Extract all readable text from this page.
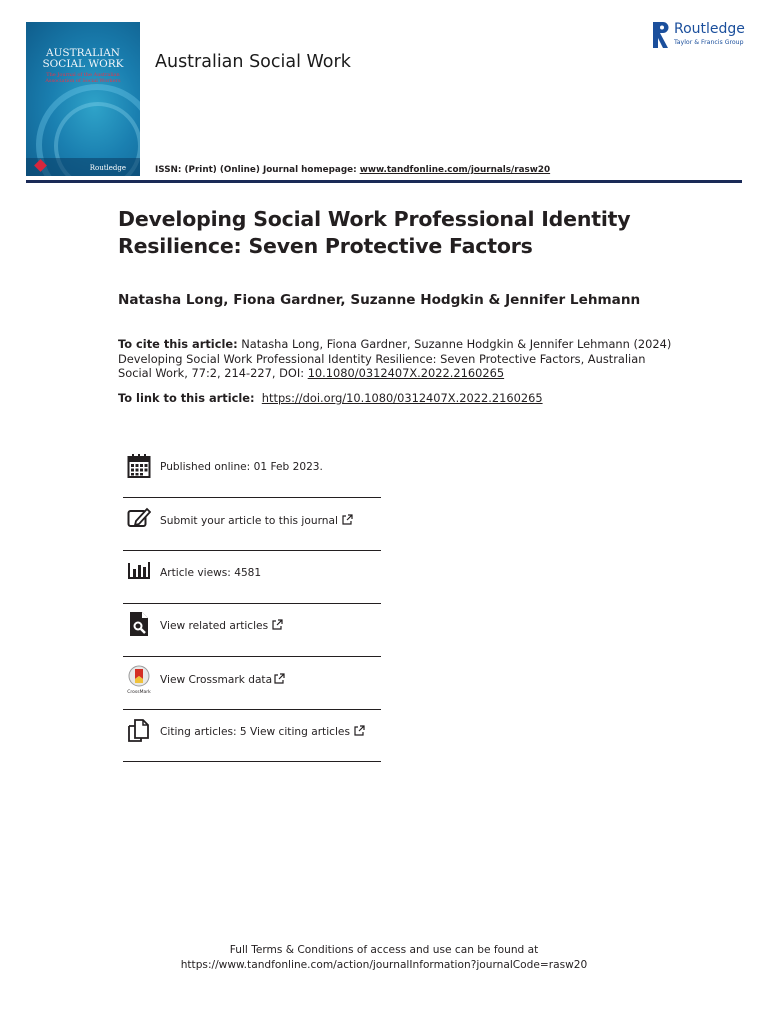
AUSTRALIAN
SOCIAL WORK
The Journal of the Australian Association of Social Workers
Routledge
Australian Social Work
ISSN: (Print) (Online) Journal homepage: www.tandfonline.com/journals/rasw20
Routledge
Taylor & Francis Group
Developing Social Work Professional Identity
Resilience: Seven Protective Factors
Natasha Long, Fiona Gardner, Suzanne Hodgkin & Jennifer Lehmann
To cite this article: Natasha Long, Fiona Gardner, Suzanne Hodgkin & Jennifer Lehmann (2024)
Developing Social Work Professional Identity Resilience: Seven Protective Factors, Australian
Social Work, 77:2, 214-227, DOI: 10.1080/0312407X.2022.2160265
To link to this article: https://doi.org/10.1080/0312407X.2022.2160265
Published online: 01 Feb 2023.
Submit your article to this journal
Article views: 4581
View related articles
CrossMark
View Crossmark data
Citing articles: 5 View citing articles
Full Terms & Conditions of access and use can be found at
https://www.tandfonline.com/action/journalInformation?journalCode=rasw20
